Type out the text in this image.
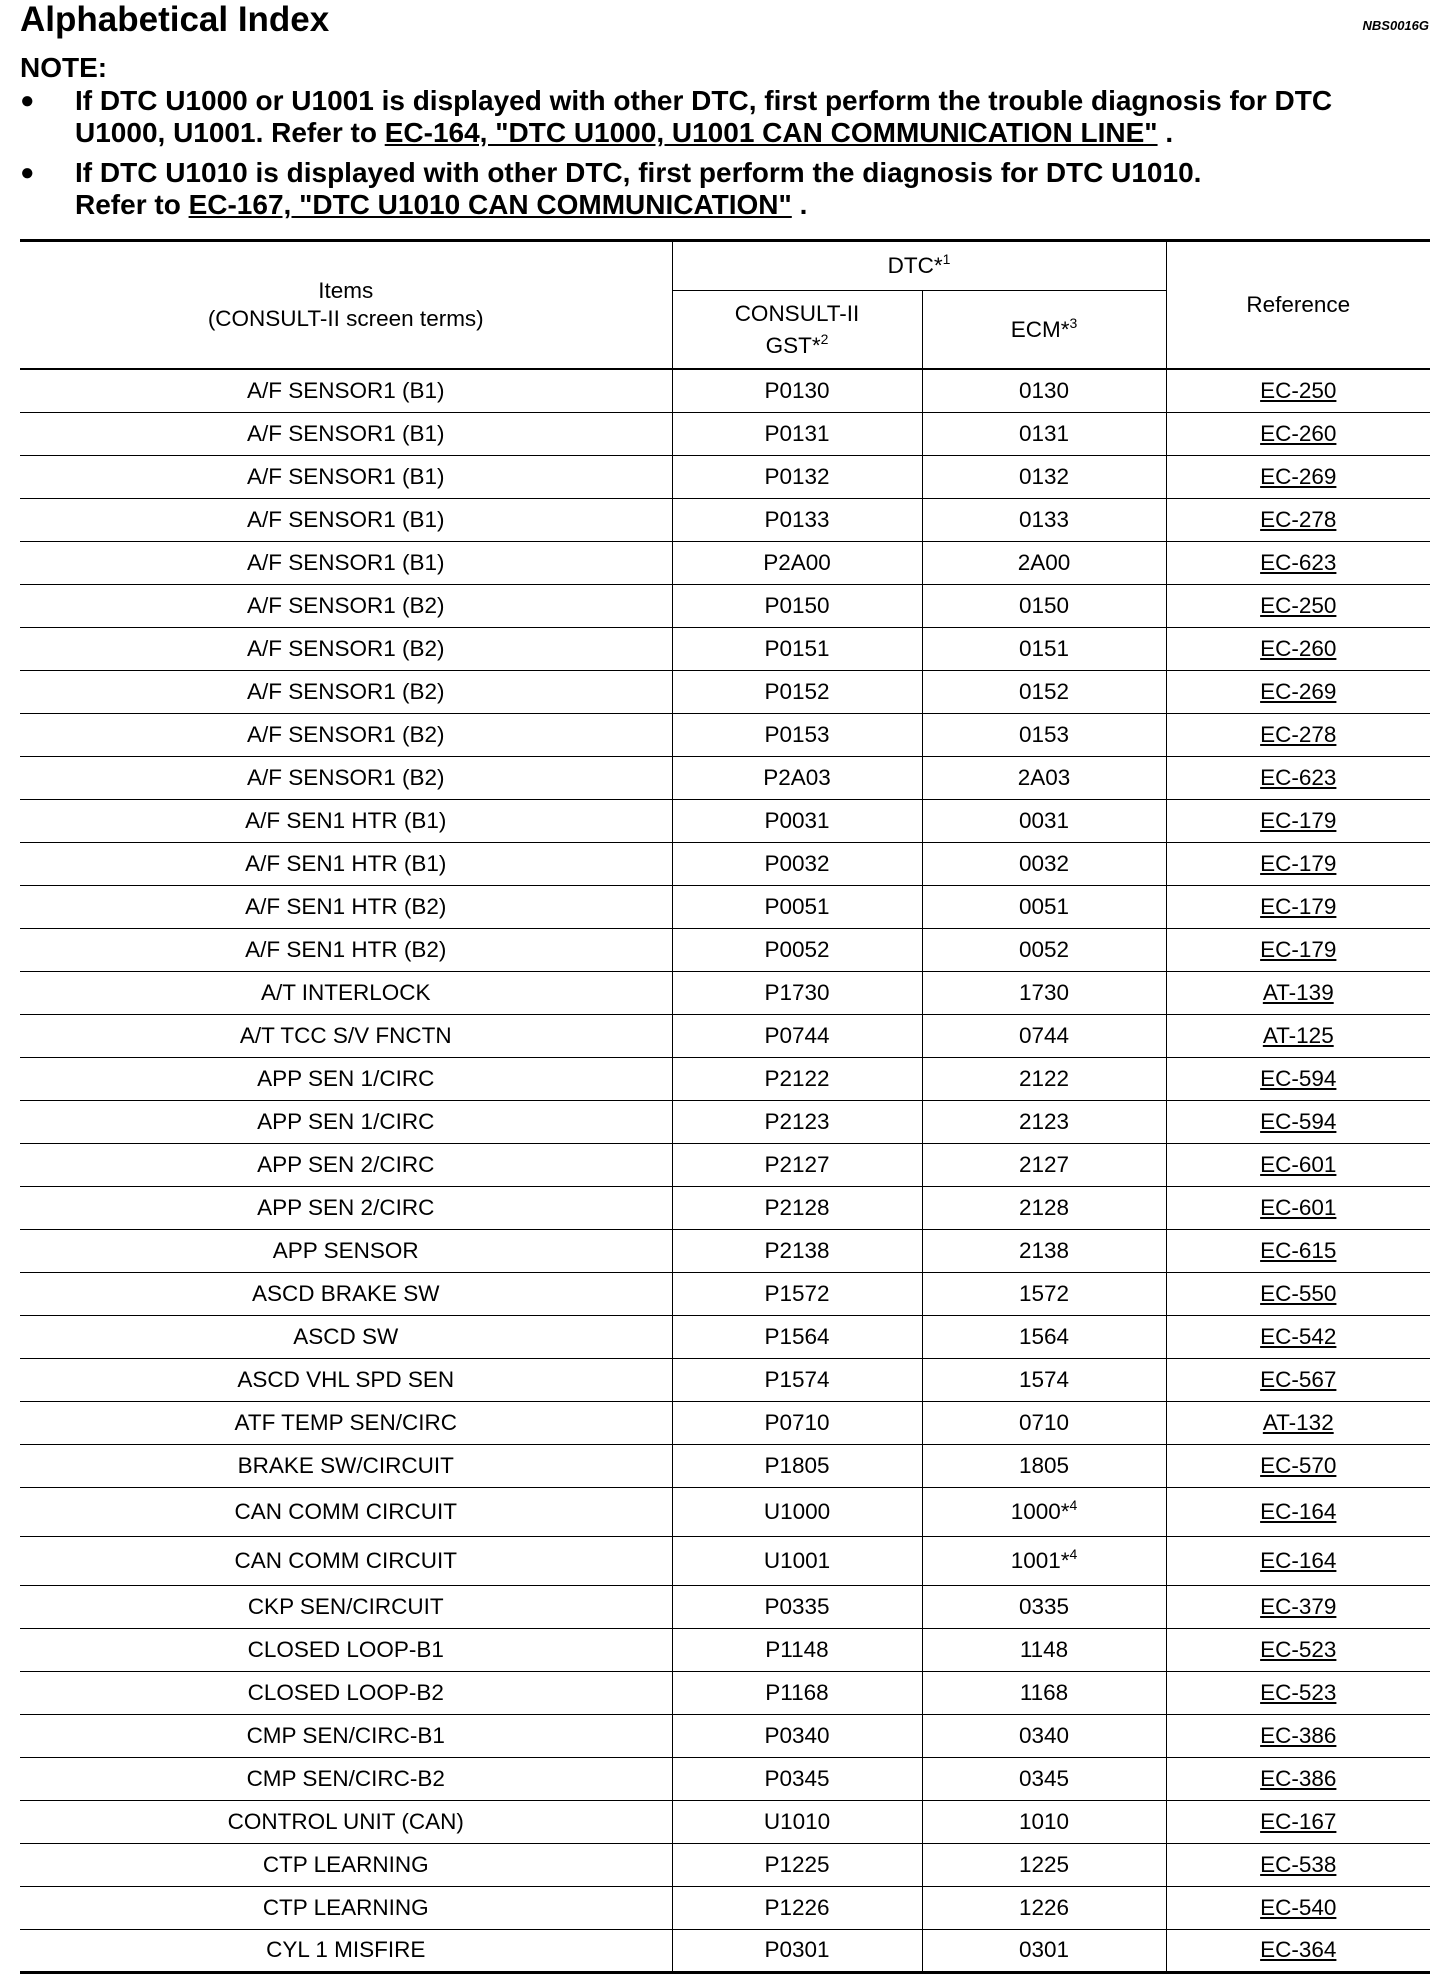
Alphabetical Index	NBS0016G
NOTE:
● If DTC U1000 or U1001 is displayed with other DTC, first perform the trouble diagnosis for DTC
U1000, U1001. Refer to EC-164, "DTC U1000, U1001 CAN COMMUNICATION LINE" .
● If DTC U1010 is displayed with other DTC, first perform the diagnosis for DTC U1010.
Refer to EC-167, "DTC U1010 CAN COMMUNICATION" .
Items
(CONSULT-II screen terms)	DTC*$^1$		Reference
	CONSULT-II
GST*$^2$	ECM*$^3$
A/F SENSOR1 (B1)	P0130	0130	EC-250
A/F SENSOR1 (B1)	P0131	0131	EC-260
A/F SENSOR1 (B1)	P0132	0132	EC-269
A/F SENSOR1 (B1)	P0133	0133	EC-278
A/F SENSOR1 (B1)	P2A00	2A00	EC-623
A/F SENSOR1 (B2)	P0150	0150	EC-250
A/F SENSOR1 (B2)	P0151	0151	EC-260
A/F SENSOR1 (B2)	P0152	0152	EC-269
A/F SENSOR1 (B2)	P0153	0153	EC-278
A/F SENSOR1 (B2)	P2A03	2A03	EC-623
A/F SEN1 HTR (B1)	P0031	0031	EC-179
A/F SEN1 HTR (B1)	P0032	0032	EC-179
A/F SEN1 HTR (B2)	P0051	0051	EC-179
A/F SEN1 HTR (B2)	P0052	0052	EC-179
A/T INTERLOCK	P1730	1730	AT-139
A/T TCC S/V FNCTN	P0744	0744	AT-125
APP SEN 1/CIRC	P2122	2122	EC-594
APP SEN 1/CIRC	P2123	2123	EC-594
APP SEN 2/CIRC	P2127	2127	EC-601
APP SEN 2/CIRC	P2128	2128	EC-601
APP SENSOR	P2138	2138	EC-615
ASCD BRAKE SW	P1572	1572	EC-550
ASCD SW	P1564	1564	EC-542
ASCD VHL SPD SEN	P1574	1574	EC-567
ATF TEMP SEN/CIRC	P0710	0710	AT-132
BRAKE SW/CIRCUIT	P1805	1805	EC-570
CAN COMM CIRCUIT	U1000	1000*$^4$	EC-164
CAN COMM CIRCUIT	U1001	1001*$^4$	EC-164
CKP SEN/CIRCUIT	P0335	0335	EC-379
CLOSED LOOP-B1	P1148	1148	EC-523
CLOSED LOOP-B2	P1168	1168	EC-523
CMP SEN/CIRC-B1	P0340	0340	EC-386
CMP SEN/CIRC-B2	P0345	0345	EC-386
CONTROL UNIT (CAN)	U1010	1010	EC-167
CTP LEARNING	P1225	1225	EC-538
CTP LEARNING	P1226	1226	EC-540
CYL 1 MISFIRE	P0301	0301	EC-364
